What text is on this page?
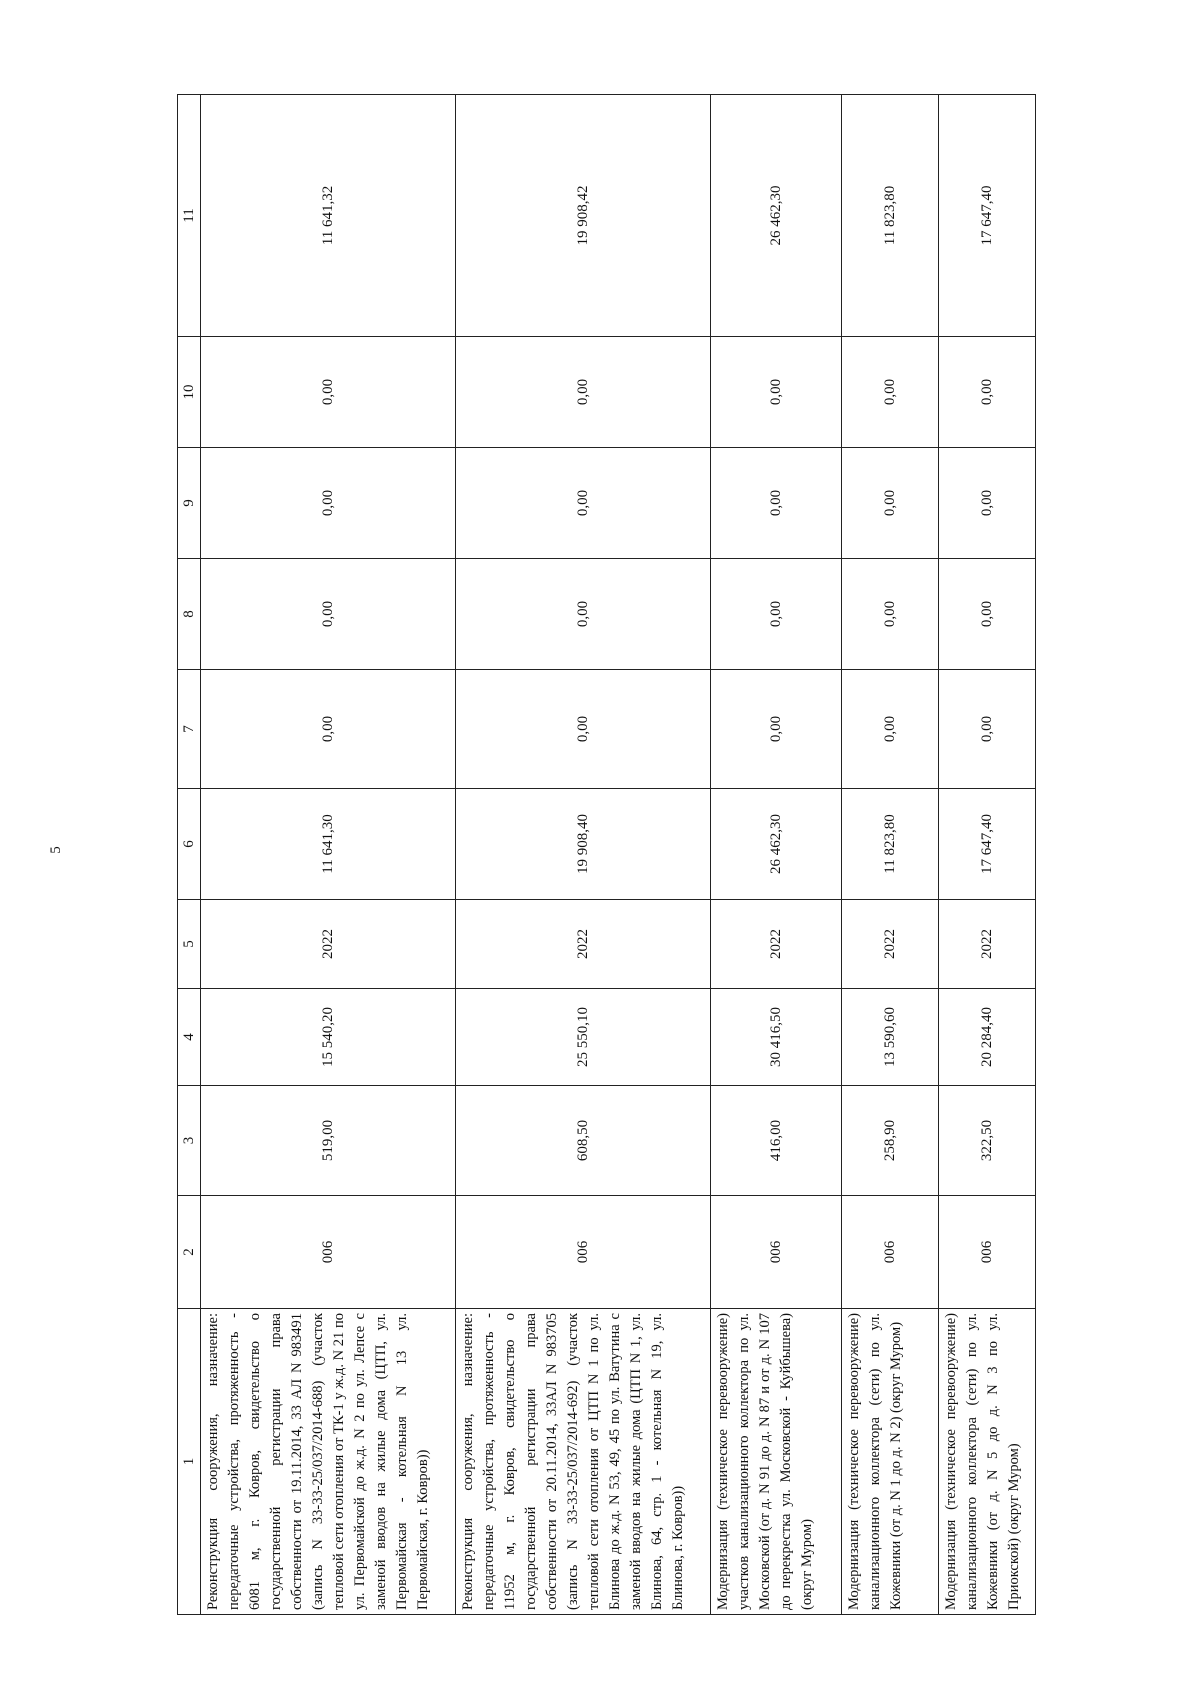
5
1	2	3	4	5	6	7	8	9	10	11
Реконструкция сооружения, назначение: передаточные устройства, протяженность - 6081 м, г. Ковров, свидетельство о государственной регистрации права собственности от 19.11.2014, 33 АЛ N 983491 (запись N 33-33-25/037/2014-688) (участок тепловой сети отопления от ТК-1 у ж.д. N 21 по ул. Первомайской до ж.д. N 2 по ул. Лепсе с заменой вводов на жилые дома (ЦТП, ул. Первомайская - котельная N 13 ул. Первомайская, г. Ковров))	006	519,00	15 540,20	2022	11 641,30	0,00	0,00	0,00	0,00	11 641,32
Реконструкция сооружения, назначение: передаточные устройства, протяженность - 11952 м, г. Ковров, свидетельство о государственной регистрации права собственности от 20.11.2014, 33АЛ N 983705 (запись N 33-33-25/037/2014-692) (участок тепловой сети отопления от ЦТП N 1 по ул. Блинова до ж.д. N 53, 49, 45 по ул. Ватутина с заменой вводов на жилые дома (ЦТП N 1, ул. Блинова, 64, стр. 1 - котельная N 19, ул. Блинова, г. Ковров))	006	608,50	25 550,10	2022	19 908,40	0,00	0,00	0,00	0,00	19 908,42
Модернизация (техническое перевооружение) участков канализационного коллектора по ул. Московской (от д. N 91 до д. N 87 и от д. N 107 до перекрестка ул. Московской - Куйбышева) (округ Муром)	006	416,00	30 416,50	2022	26 462,30	0,00	0,00	0,00	0,00	26 462,30
Модернизация (техническое перевооружение) канализационного коллектора (сети) по ул. Кожевники (от д. N 1 до д. N 2) (округ Муром)	006	258,90	13 590,60	2022	11 823,80	0,00	0,00	0,00	0,00	11 823,80
Модернизация (техническое перевооружение) канализационного коллектора (сети) по ул. Кожевники (от д. N 5 до д. N 3 по ул. Приокской) (округ Муром)	006	322,50	20 284,40	2022	17 647,40	0,00	0,00	0,00	0,00	17 647,40
